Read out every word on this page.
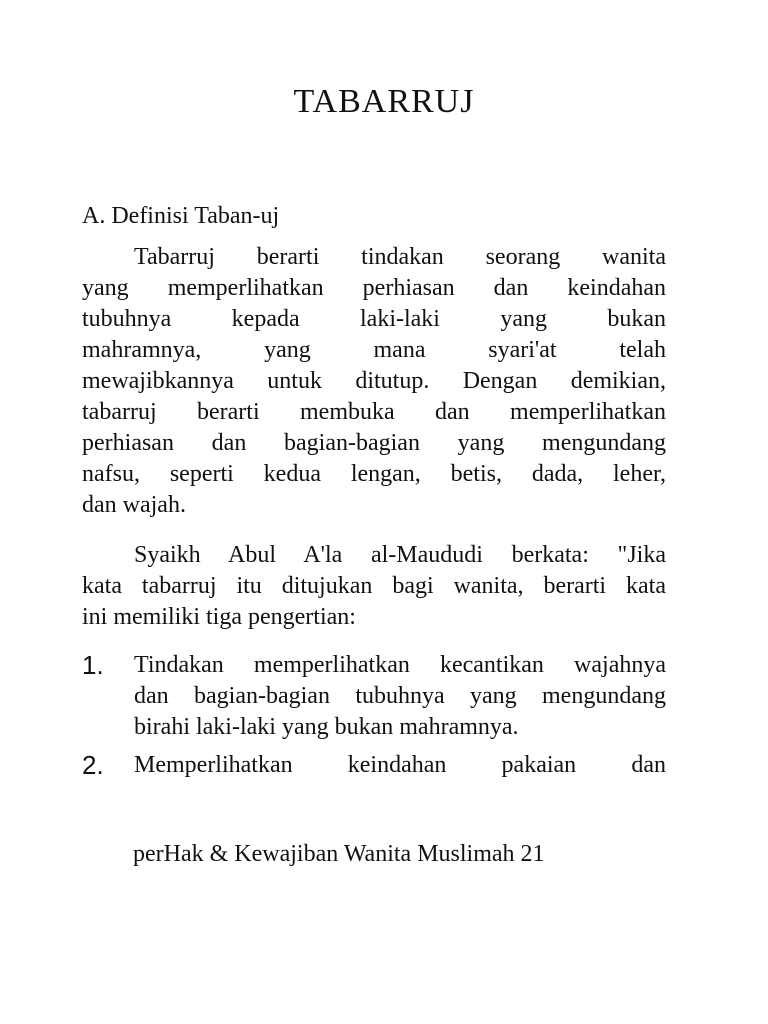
TABARRUJ
A. Definisi Taban-uj
Tabarruj berarti tindakan seorang wanita
yang memperlihatkan perhiasan dan keindahan
tubuhnya kepada laki-laki yang bukan
mahramnya, yang mana syari'at telah
mewajibkannya untuk ditutup. Dengan demikian,
tabarruj berarti membuka dan memperlihatkan
perhiasan dan bagian-bagian yang mengundang
nafsu, seperti kedua lengan, betis, dada, leher,
dan wajah.
Syaikh Abul A'la al-Maududi berkata: "Jika
kata tabarruj itu ditujukan bagi wanita, berarti kata
ini memiliki tiga pengertian:
1. Tindakan memperlihatkan kecantikan wajahnya
dan bagian-bagian tubuhnya yang mengundang
birahi laki-laki yang bukan mahramnya.
2. Memperlihatkan keindahan pakaian dan
perHak & Kewajiban Wanita Muslimah 21
